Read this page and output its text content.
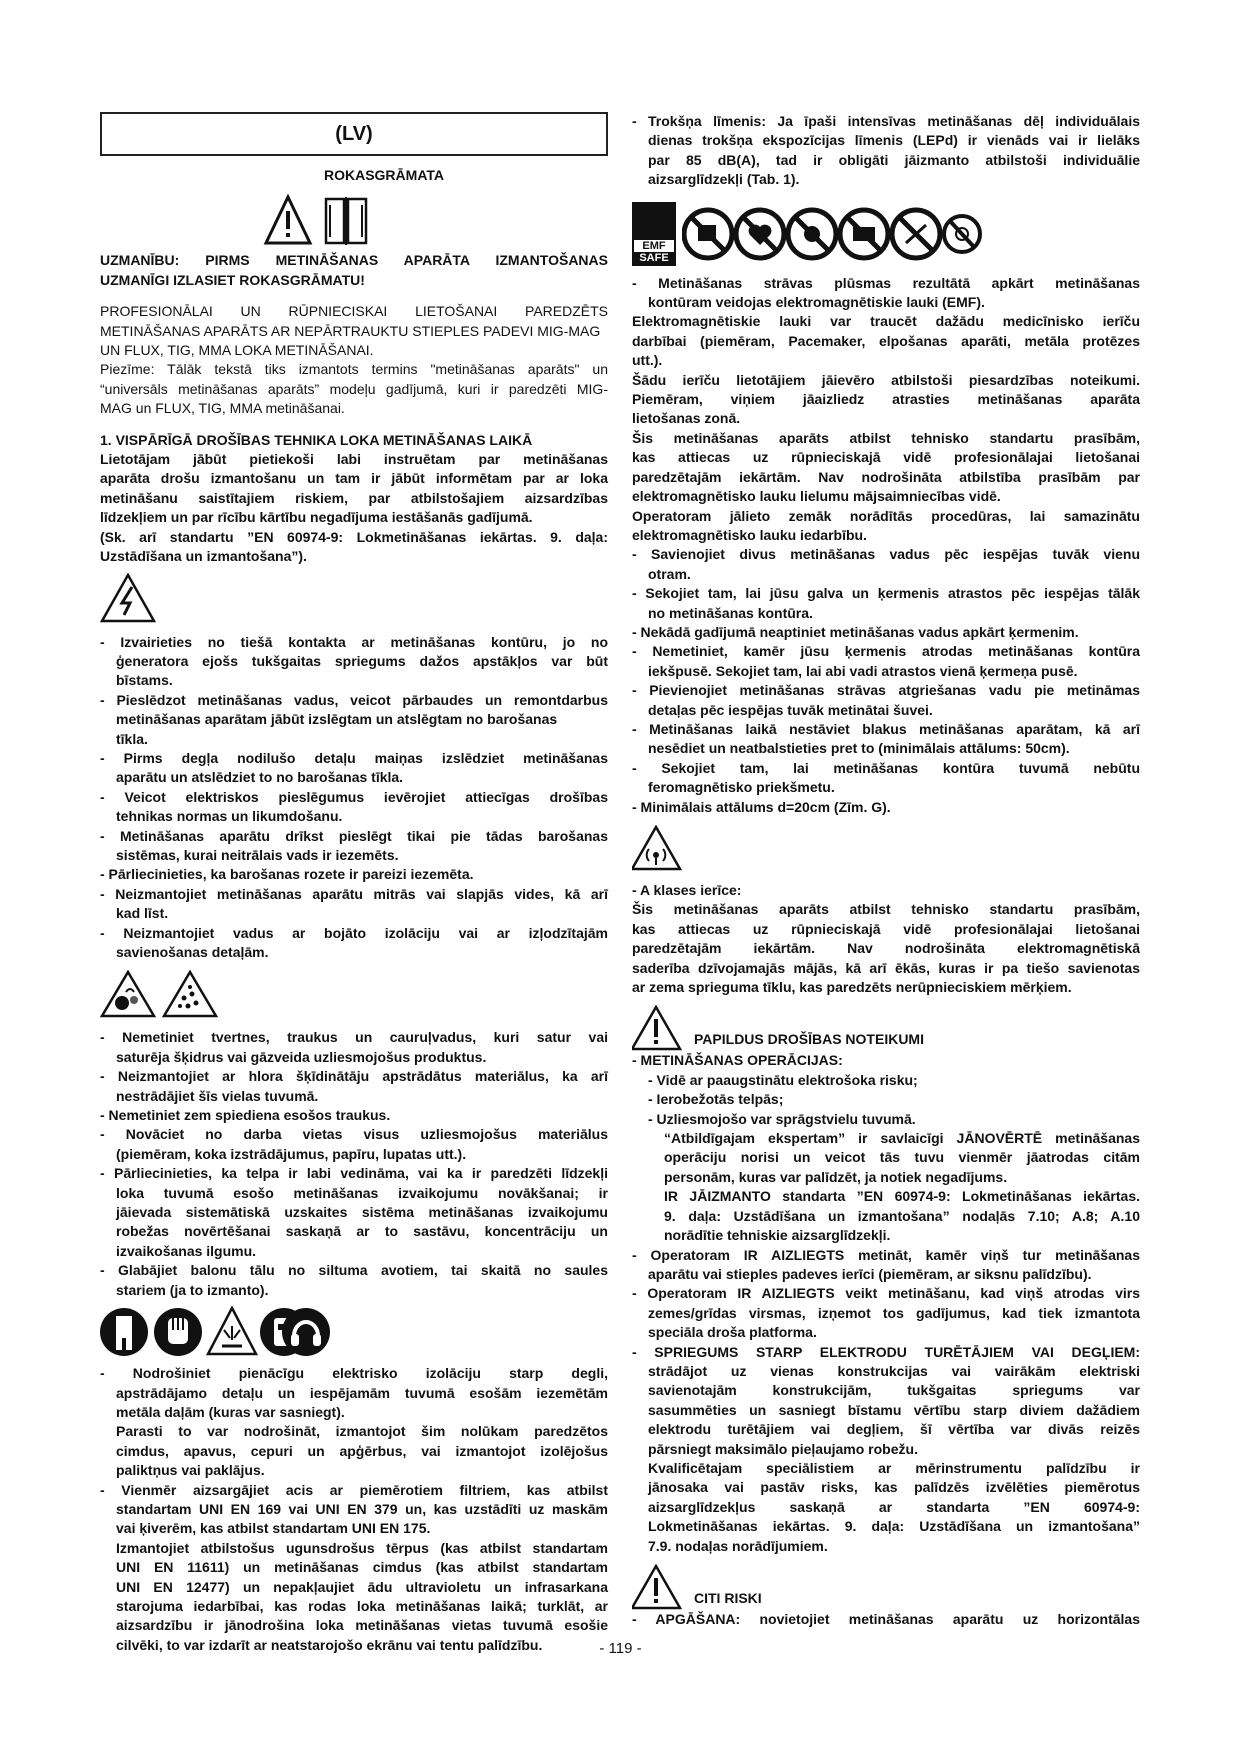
(LV)
ROKASGRĀMATA
UZMANĪBU: PIRMS METINĀŠANAS APARĀTA IZMANTOŠANAS
UZMANĪGI IZLASIET ROKASGRĀMATU!
PROFESIONĀLAI UN RŪPNIECISKAI LIETOŠANAI PAREDZĒTS
METINĀŠANAS APARĀTS AR NEPĀRTRAUKTU STIEPLES PADEVI MIG-MAG
UN FLUX, TIG, MMA LOKA METINĀŠANAI.
Piezīme: Tālāk tekstā tiks izmantots termins "metināšanas aparāts" un
“universāls metināšanas aparāts” modeļu gadījumā, kuri ir paredzēti MIG-
MAG un FLUX, TIG, MMA metināšanai.
1. VISPĀRĪGĀ DROŠĪBAS TEHNIKA LOKA METINĀŠANAS LAIKĀ
Lietotājam jābūt pietiekoši labi instruētam par metināšanas
aparāta drošu izmantošanu un tam ir jābūt informētam par ar loka
metināšanu saistītajiem riskiem, par atbilstošajiem aizsardzības
līdzekļiem un par rīcību kārtību negadījuma iestāšanās gadījumā.
(Sk. arī standartu ”EN 60974-9: Lokmetināšanas iekārtas. 9. daļa:
Uzstādīšana un izmantošana”).
- Izvairieties no tiešā kontakta ar metināšanas kontūru, jo no
ģeneratora ejošs tukšgaitas spriegums dažos apstākļos var būt
bīstams.
- Pieslēdzot metināšanas vadus, veicot pārbaudes un remontdarbus
metināšanas aparātam jābūt izslēgtam un atslēgtam no barošanas
tīkla.
- Pirms degļa nodilušo detaļu maiņas izslēdziet metināšanas
aparātu un atslēdziet to no barošanas tīkla.
- Veicot elektriskos pieslēgumus ievērojiet attiecīgas drošības
tehnikas normas un likumdošanu.
- Metināšanas aparātu drīkst pieslēgt tikai pie tādas barošanas
sistēmas, kurai neitrālais vads ir iezemēts.
- Pārliecinieties, ka barošanas rozete ir pareizi iezemēta.
- Neizmantojiet metināšanas aparātu mitrās vai slapjās vides, kā arī
kad līst.
- Neizmantojiet vadus ar bojāto izolāciju vai ar izļodzītajām
savienošanas detaļām.
- Nemetiniet tvertnes, traukus un cauruļvadus, kuri satur vai
saturēja šķidrus vai gāzveida uzliesmojošus produktus.
- Neizmantojiet ar hlora šķīdinātāju apstrādātus materiālus, ka arī
nestrādājiet šīs vielas tuvumā.
- Nemetiniet zem spiediena esošos traukus.
- Novāciet no darba vietas visus uzliesmojošus materiālus
(piemēram, koka izstrādājumus, papīru, lupatas utt.).
- Pārliecinieties, ka telpa ir labi vedināma, vai ka ir paredzēti līdzekļi
loka tuvumā esošo metināšanas izvaikojumu novākšanai; ir
jāievada sistemātiskā uzskaites sistēma metināšanas izvaikojumu
robežas novērtēšanai saskaņā ar to sastāvu, koncentrāciju un
izvaikošanas ilgumu.
- Glabājiet balonu tālu no siltuma avotiem, tai skaitā no saules
stariem (ja to izmanto).
- Nodrošiniet pienācīgu elektrisko izolāciju starp degli,
apstrādājamo detaļu un iespējamām tuvumā esošām iezemētām
metāla daļām (kuras var sasniegt).
Parasti to var nodrošināt, izmantojot šim nolūkam paredzētos
cimdus, apavus, cepuri un apģērbus, vai izmantojot izolējošus
paliktņus vai paklājus.
- Vienmēr aizsargājiet acis ar piemērotiem filtriem, kas atbilst
standartam UNI EN 169 vai UNI EN 379 un, kas uzstādīti uz maskām
vai ķiverēm, kas atbilst standartam UNI EN 175.
Izmantojiet atbilstošus ugunsdrošus tērpus (kas atbilst standartam
UNI EN 11611) un metināšanas cimdus (kas atbilst standartam
UNI EN 12477) un nepakļaujiet ādu ultravioletu un infrasarkana
starojuma iedarbībai, kas rodas loka metināšanas laikā; turklāt, ar
aizsardzību ir jānodrošina loka metināšanas vietas tuvumā esošie
cilvēki, to var izdarīt ar neatstarojošo ekrānu vai tentu palīdzību.
- Trokšņa līmenis: Ja īpaši intensīvas metināšanas dēļ individuālais
dienas trokšņa ekspozīcijas līmenis (LEPd) ir vienāds vai ir lielāks
par 85 dB(A), tad ir obligāti jāizmanto atbilstoši individuālie
aizsarglīdzekļi (Tab. 1).
EMF
SAFE
- Metināšanas strāvas plūsmas rezultātā apkārt metināšanas
kontūram veidojas elektromagnētiskie lauki (EMF).
Elektromagnētiskie lauki var traucēt dažādu medicīnisko ierīču
darbībai (piemēram, Pacemaker, elpošanas aparāti, metāla protēzes
utt.).
Šādu ierīču lietotājiem jāievēro atbilstoši piesardzības noteikumi.
Piemēram, viņiem jāaizliedz atrasties metināšanas aparāta
lietošanas zonā.
Šis metināšanas aparāts atbilst tehnisko standartu prasībām,
kas attiecas uz rūpnieciskajā vidē profesionālajai lietošanai
paredzētajām iekārtām. Nav nodrošināta atbilstība prasībām par
elektromagnētisko lauku lielumu mājsaimniecības vidē.
Operatoram jālieto zemāk norādītās procedūras, lai samazinātu
elektromagnētisko lauku iedarbību.
- Savienojiet divus metināšanas vadus pēc iespējas tuvāk vienu
otram.
- Sekojiet tam, lai jūsu galva un ķermenis atrastos pēc iespējas tālāk
no metināšanas kontūra.
- Nekādā gadījumā neaptiniet metināšanas vadus apkārt ķermenim.
- Nemetiniet, kamēr jūsu ķermenis atrodas metināšanas kontūra
iekšpusē. Sekojiet tam, lai abi vadi atrastos vienā ķermeņa pusē.
- Pievienojiet metināšanas strāvas atgriešanas vadu pie metināmas
detaļas pēc iespējas tuvāk metinātai šuvei.
- Metināšanas laikā nestāviet blakus metināšanas aparātam, kā arī
nesēdiet un neatbalstieties pret to (minimālais attālums: 50cm).
- Sekojiet tam, lai metināšanas kontūra tuvumā nebūtu
feromagnētisko priekšmetu.
- Minimālais attālums d=20cm (Zīm. G).
- A klases ierīce:
Šis metināšanas aparāts atbilst tehnisko standartu prasībām,
kas attiecas uz rūpnieciskajā vidē profesionālajai lietošanai
paredzētajām iekārtām. Nav nodrošināta elektromagnētiskā
saderība dzīvojamajās mājās, kā arī ēkās, kuras ir pa tiešo savienotas
ar zema sprieguma tīklu, kas paredzēts nerūpnieciskiem mērķiem.
PAPILDUS DROŠĪBAS NOTEIKUMI
- METINĀŠANAS OPERĀCIJAS:
- Vidē ar paaugstinātu elektrošoka risku;
- Ierobežotās telpās;
- Uzliesmojošo var sprāgstvielu tuvumā.
“Atbildīgajam ekspertam” ir savlaicīgi JĀNOVĒRTĒ metināšanas
operāciju norisi un veicot tās tuvu vienmēr jāatrodas citām
personām, kuras var palīdzēt, ja notiek negadījums.
IR JĀIZMANTO standarta ”EN 60974-9: Lokmetināšanas iekārtas.
9. daļa: Uzstādīšana un izmantošana” nodaļās 7.10; A.8; A.10
norādītie tehniskie aizsarglīdzekļi.
- Operatoram IR AIZLIEGTS metināt, kamēr viņš tur metināšanas
aparātu vai stieples padeves ierīci (piemēram, ar siksnu palīdzību).
- Operatoram IR AIZLIEGTS veikt metināšanu, kad viņš atrodas virs
zemes/grīdas virsmas, izņemot tos gadījumus, kad tiek izmantota
speciāla droša platforma.
- SPRIEGUMS STARP ELEKTRODU TURĒTĀJIEM VAI DEGĻIEM:
strādājot uz vienas konstrukcijas vai vairākām elektriski
savienotajām konstrukcijām, tukšgaitas spriegums var
sasummēties un sasniegt bīstamu vērtību starp diviem dažādiem
elektrodu turētājiem vai degļiem, šī vērtība var divās reizēs
pārsniegt maksimālo pieļaujamo robežu.
Kvalificētajam speciālistiem ar mērinstrumentu palīdzību ir
jānosaka vai pastāv risks, kas palīdzēs izvēlēties piemērotus
aizsarglīdzekļus saskaņā ar standarta ”EN 60974-9:
Lokmetināšanas iekārtas. 9. daļa: Uzstādīšana un izmantošana”
7.9. nodaļas norādījumiem.
CITI RISKI
- APGĀŠANA: novietojiet metināšanas aparātu uz horizontālas
- 119 -
